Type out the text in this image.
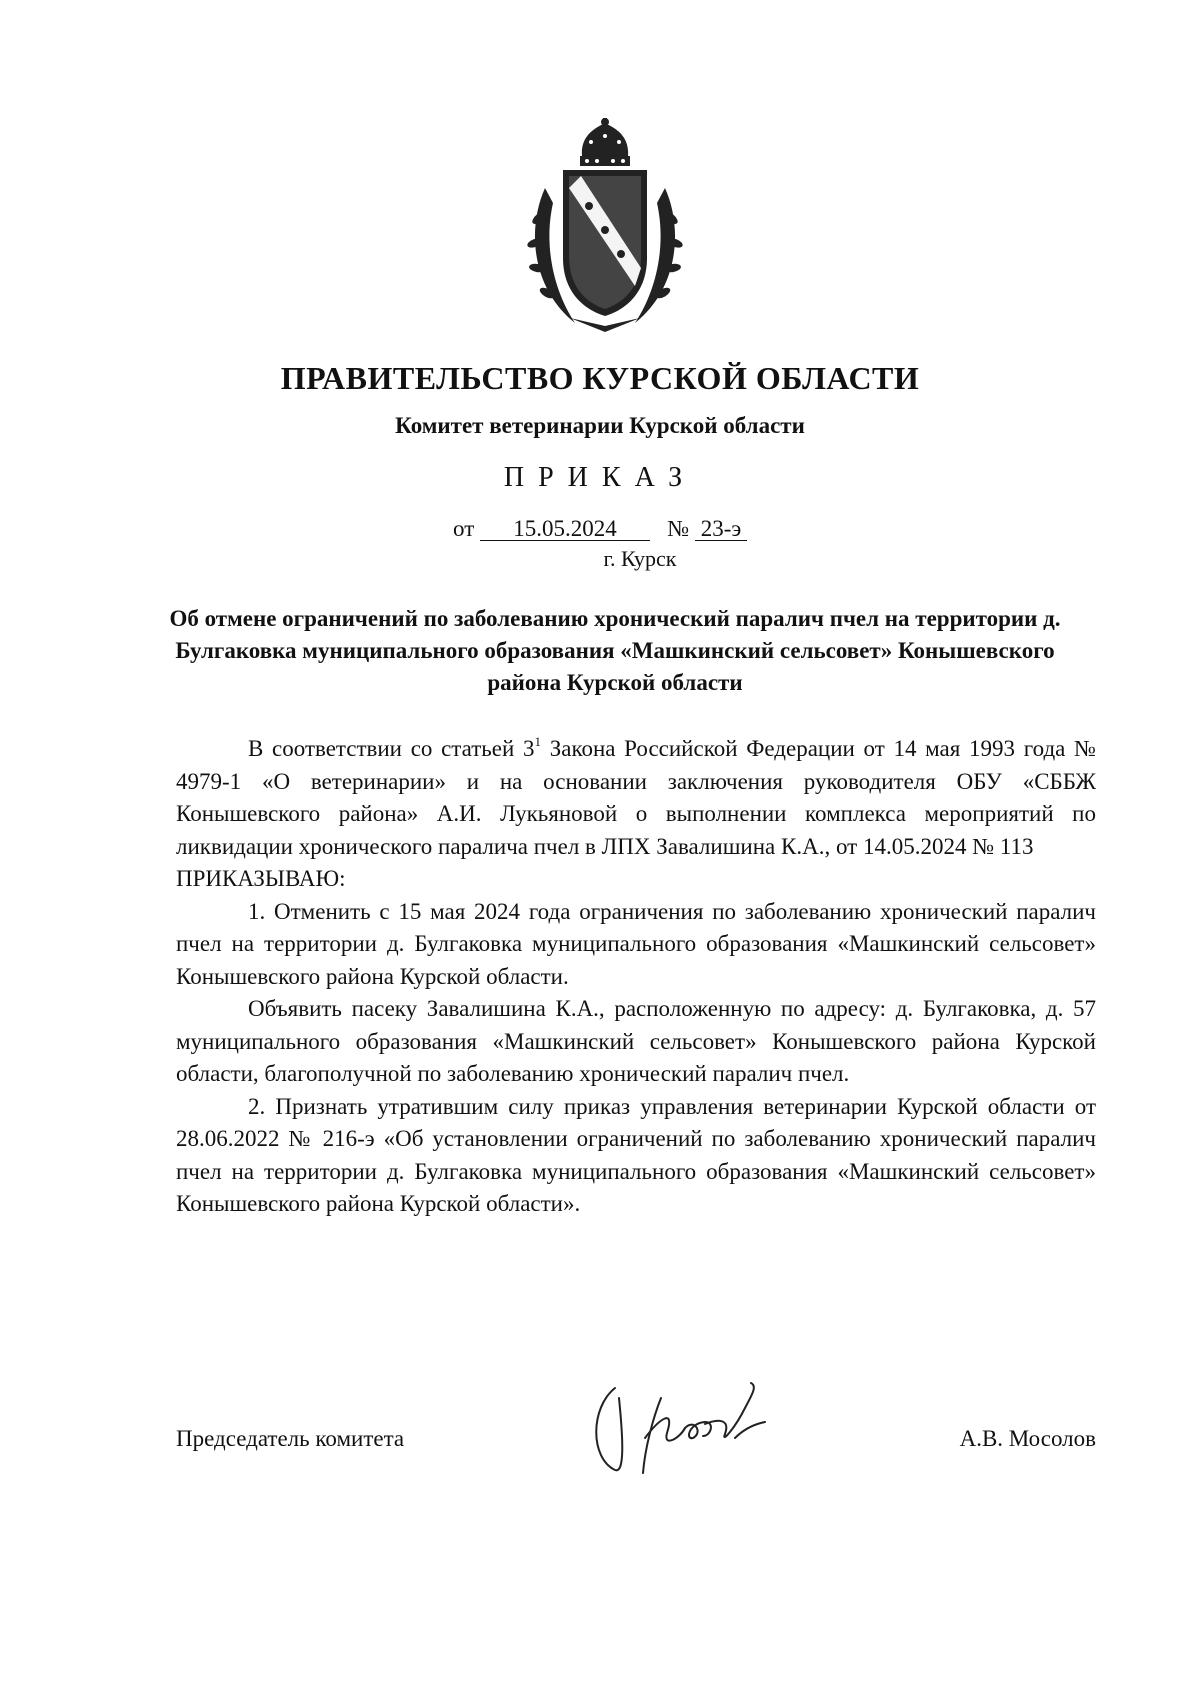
ПРАВИТЕЛЬСТВО КУРСКОЙ ОБЛАСТИ
Комитет ветеринарии Курской области
ПРИКАЗ
от 15.05.2024 № 23-э
г. Курск
Об отмене ограничений по заболеванию хронический паралич пчел на территории д. Булгаковка муниципального образования «Машкинский сельсовет» Конышевского района Курской области

В соответствии со статьей $3^1$ Закона Российской Федерации от 14 мая 1993 года № 4979-1 «О ветеринарии» и на основании заключения руководителя ОБУ «СББЖ Конышевского района» А.И. Лукьяновой о выполнении комплекса мероприятий по ликвидации хронического паралича пчел в ЛПХ Завалишина К.А., от 14.05.2024 № 113

ПРИКАЗЫВАЮ:

1. Отменить с 15 мая 2024 года ограничения по заболеванию хронический паралич пчел на территории д. Булгаковка муниципального образования «Машкинский сельсовет» Конышевского района Курской области.

Объявить пасеку Завалишина К.А., расположенную по адресу: д. Булгаковка, д. 57 муниципального образования «Машкинский сельсовет» Конышевского района Курской области, благополучной по заболеванию хронический паралич пчел.

2. Признать утратившим силу приказ управления ветеринарии Курской области от 28.06.2022 № 216-э «Об установлении ограничений по заболеванию хронический паралич пчел на территории д. Булгаковка муниципального образования «Машкинский сельсовет» Конышевского района Курской области».

Председатель комитета	А.В. Мосолов
